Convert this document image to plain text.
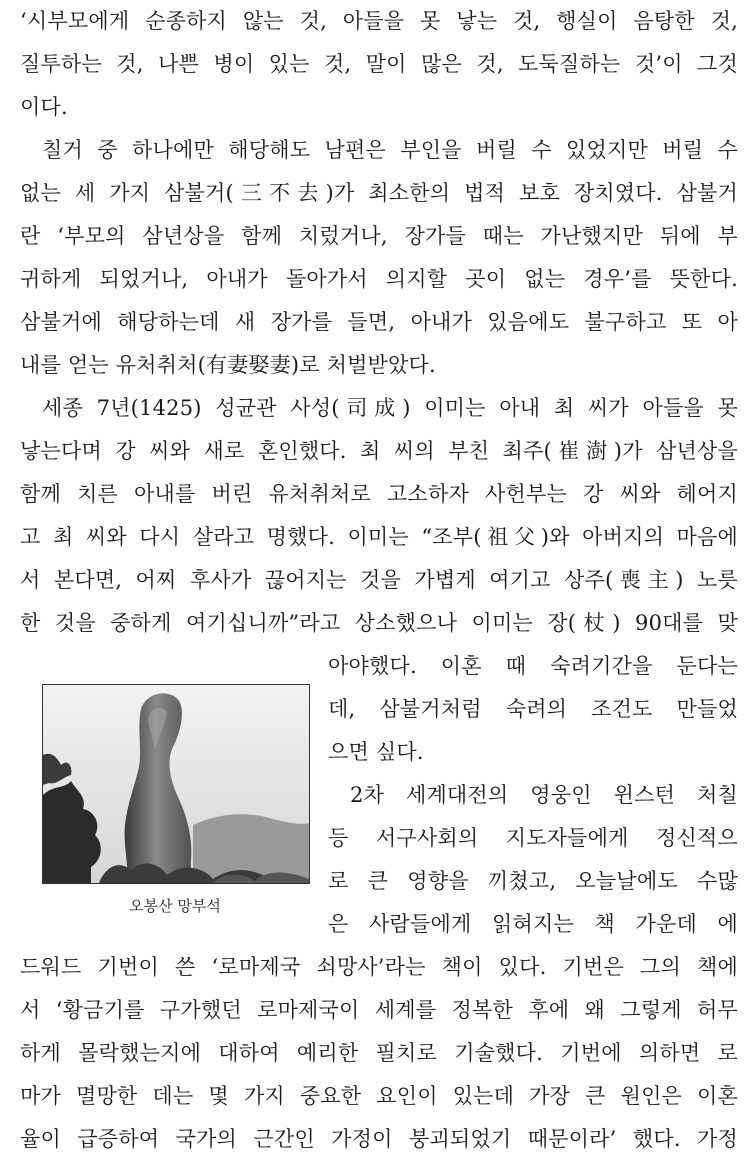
‘시부모에게 순종하지 않는 것, 아들을 못 낳는 것, 행실이 음탕한 것,
질투하는 것, 나쁜 병이 있는 것, 말이 많은 것, 도둑질하는 것’이 그것
이다.
칠거 중 하나에만 해당해도 남편은 부인을 버릴 수 있었지만 버릴 수
없는 세 가지 삼불거(三不去)가 최소한의 법적 보호 장치였다. 삼불거
란 ‘부모의 삼년상을 함께 치렀거나, 장가들 때는 가난했지만 뒤에 부
귀하게 되었거나, 아내가 돌아가서 의지할 곳이 없는 경우’를 뜻한다.
삼불거에 해당하는데 새 장가를 들면, 아내가 있음에도 불구하고 또 아
내를 얻는 유처취처(有妻娶妻)로 처벌받았다.
세종 7년(1425) 성균관 사성(司成) 이미는 아내 최 씨가 아들을 못
낳는다며 강 씨와 새로 혼인했다. 최 씨의 부친 최주(崔澍)가 삼년상을
함께 치른 아내를 버린 유처취처로 고소하자 사헌부는 강 씨와 헤어지
고 최 씨와 다시 살라고 명했다. 이미는 “조부(祖父)와 아버지의 마음에
서 본다면, 어찌 후사가 끊어지는 것을 가볍게 여기고 상주(喪主) 노릇
한 것을 중하게 여기십니까”라고 상소했으나 이미는 장(杖) 90대를 맞
아야했다. 이혼 때 숙려기간을 둔다는
데, 삼불거처럼 숙려의 조건도 만들었
으면 싶다.
2차 세계대전의 영웅인 윈스턴 처칠
등 서구사회의 지도자들에게 정신적으
로 큰 영향을 끼쳤고, 오늘날에도 수많
은 사람들에게 읽혀지는 책 가운데 에
드워드 기번이 쓴 ‘로마제국 쇠망사’라는 책이 있다. 기번은 그의 책에
서 ‘황금기를 구가했던 로마제국이 세계를 정복한 후에 왜 그렇게 허무
하게 몰락했는지에 대하여 예리한 필치로 기술했다. 기번에 의하면 로
마가 멸망한 데는 몇 가지 중요한 요인이 있는데 가장 큰 원인은 이혼
율이 급증하여 국가의 근간인 가정이 붕괴되었기 때문이라’ 했다. 가정
오봉산 망부석
